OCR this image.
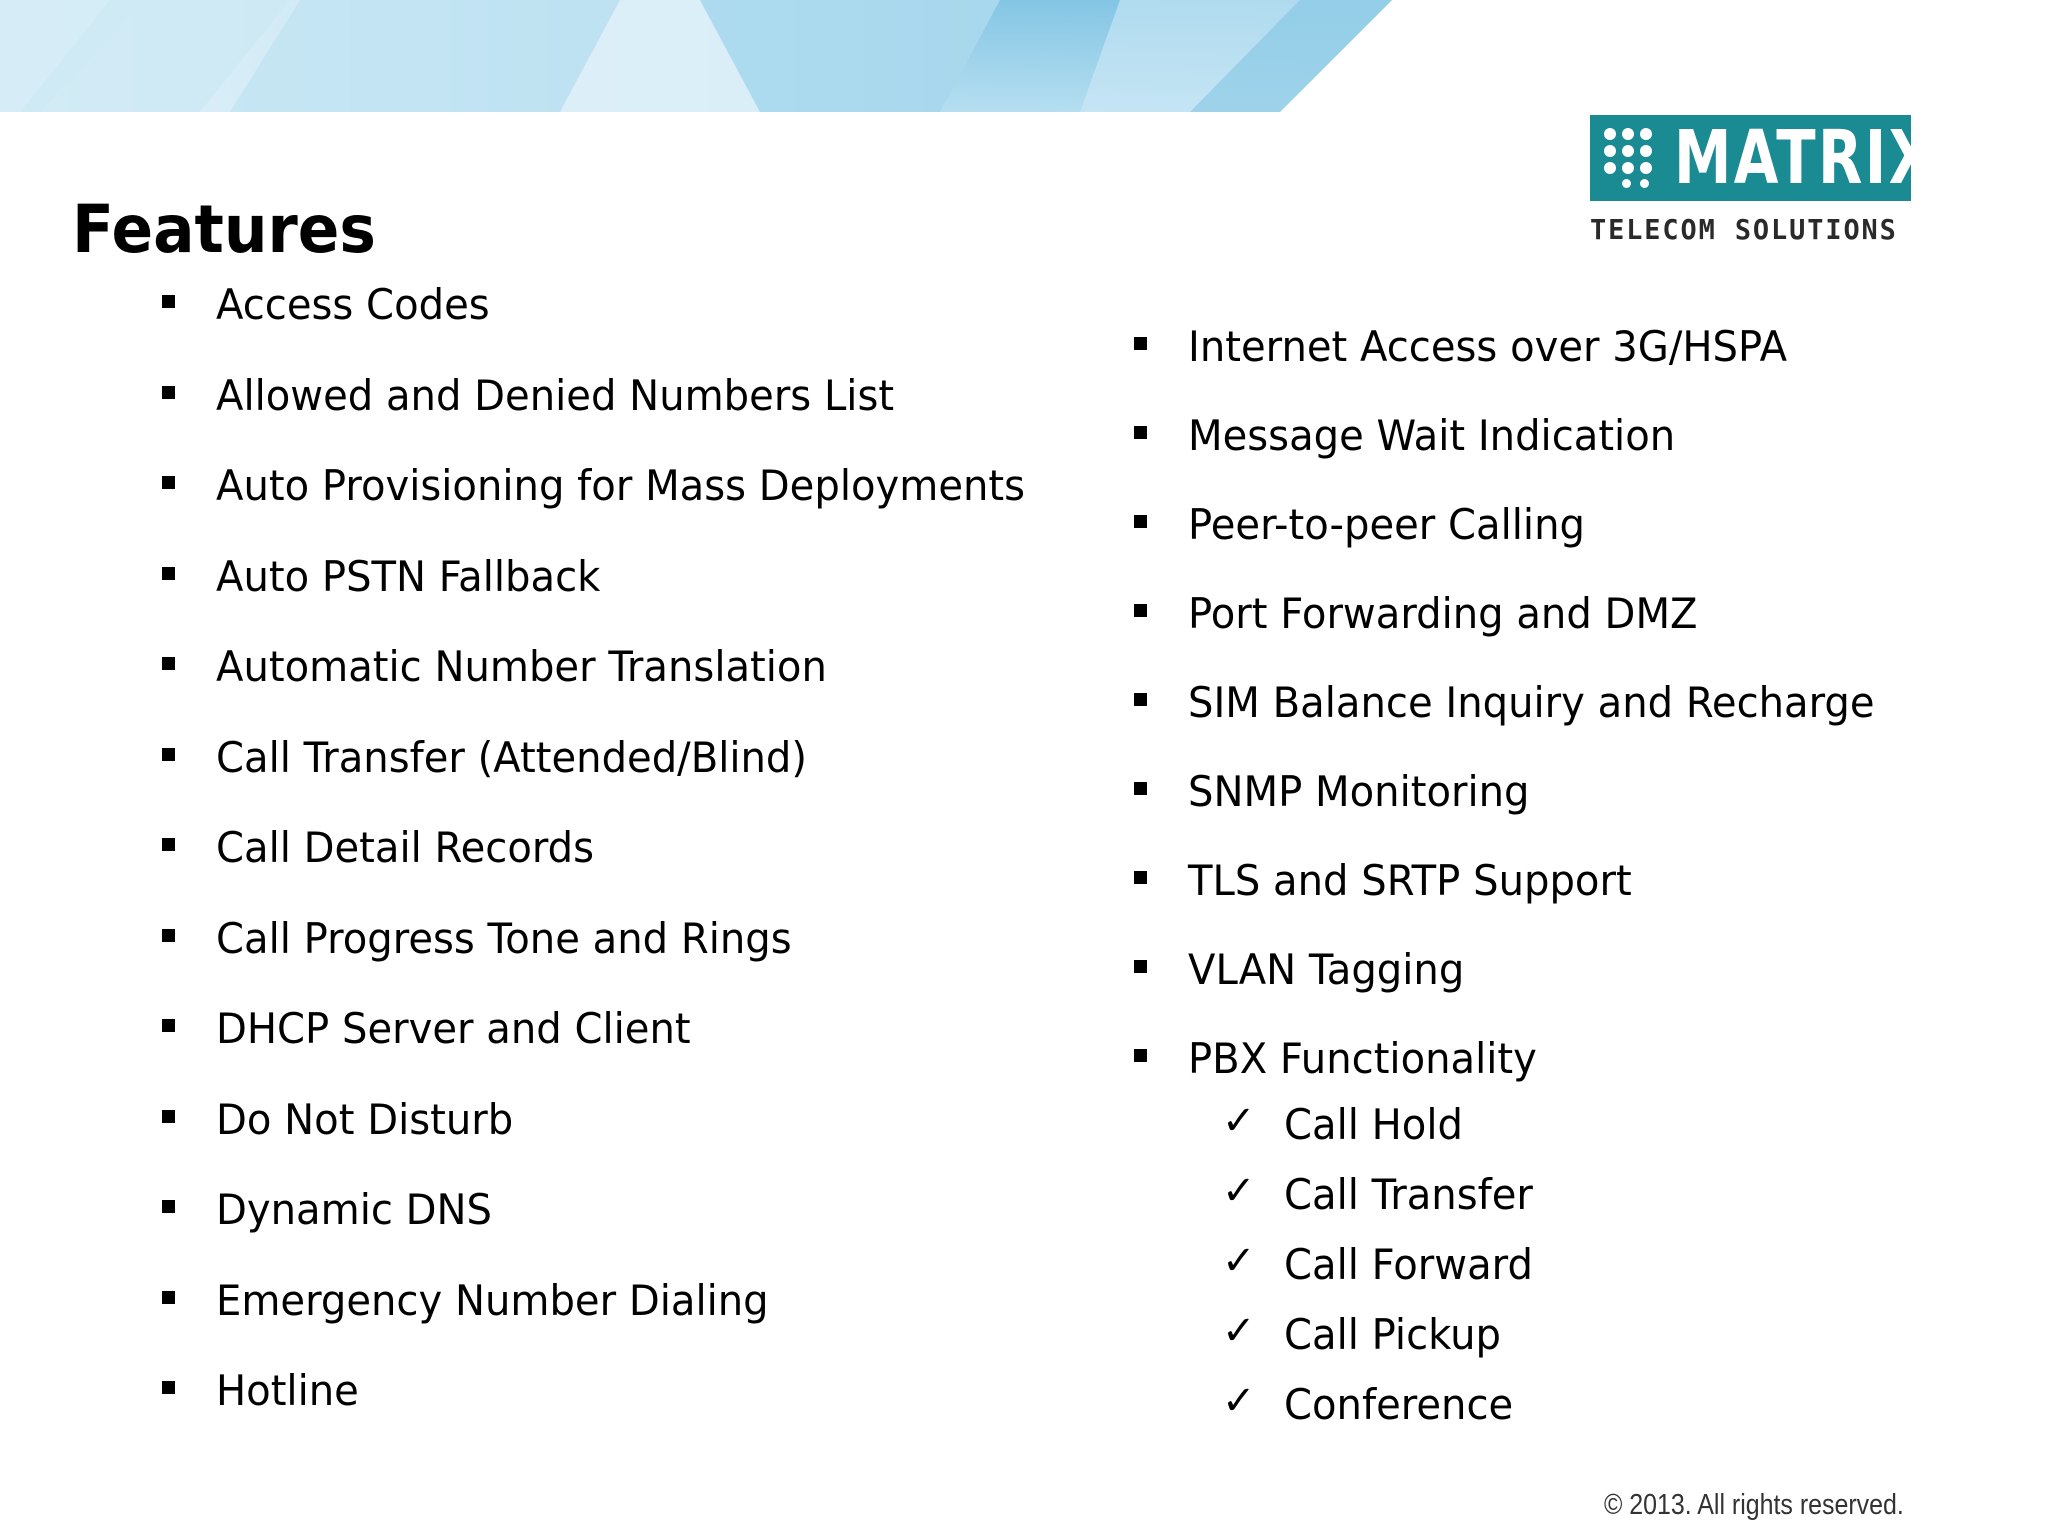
MATRIX
TELECOM SOLUTIONS
Features
Access Codes
Allowed and Denied Numbers List
Auto Provisioning for Mass Deployments
Auto PSTN Fallback
Automatic Number Translation
Call Transfer (Attended/Blind)
Call Detail Records
Call Progress Tone and Rings
DHCP Server and Client
Do Not Disturb
Dynamic DNS
Emergency Number Dialing
Hotline
Internet Access over 3G/HSPA
Message Wait Indication
Peer-to-peer Calling
Port Forwarding and DMZ
SIM Balance Inquiry and Recharge
SNMP Monitoring
TLS and SRTP Support
VLAN Tagging
PBX Functionality
✓ Call Hold
✓ Call Transfer
✓ Call Forward
✓ Call Pickup
✓ Conference
© 2013. All rights reserved.
